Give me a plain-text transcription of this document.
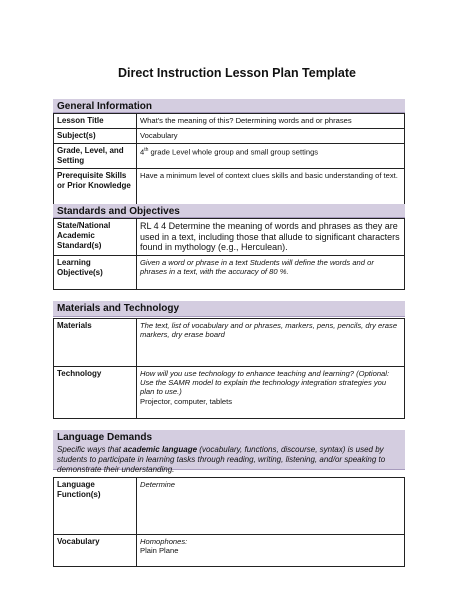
Direct Instruction Lesson Plan Template
General Information
Lesson Title	What's the meaning of this? Determining words and or phrases
Subject(s)	Vocabulary
Grade, Level, and Setting	4th grade Level whole group and small group settings
Prerequisite Skills or Prior Knowledge	Have a minimum level of context clues skills and basic understanding of text.
Standards and Objectives
State/National Academic Standard(s)	RL 4 4 Determine the meaning of words and phrases as they are used in a text, including those that allude to significant characters found in mythology (e.g., Herculean).
Learning Objective(s)	Given a word or phrase in a text Students will define the words and or phrases in a text, with the accuracy of 80 %.
Materials and Technology
Materials	The text, list of vocabulary and or phrases, markers, pens, pencils, dry erase markers, dry erase board
Technology	How will you use technology to enhance teaching and learning? (Optional: Use the SAMR model to explain the technology integration strategies you plan to use.)
Projector, computer, tablets
Language Demands
Specific ways that academic language (vocabulary, functions, discourse, syntax) is used by students to participate in learning tasks through reading, writing, listening, and/or speaking to demonstrate their understanding.
Language Function(s)	Determine
Vocabulary	Homophones:
Plain Plane
